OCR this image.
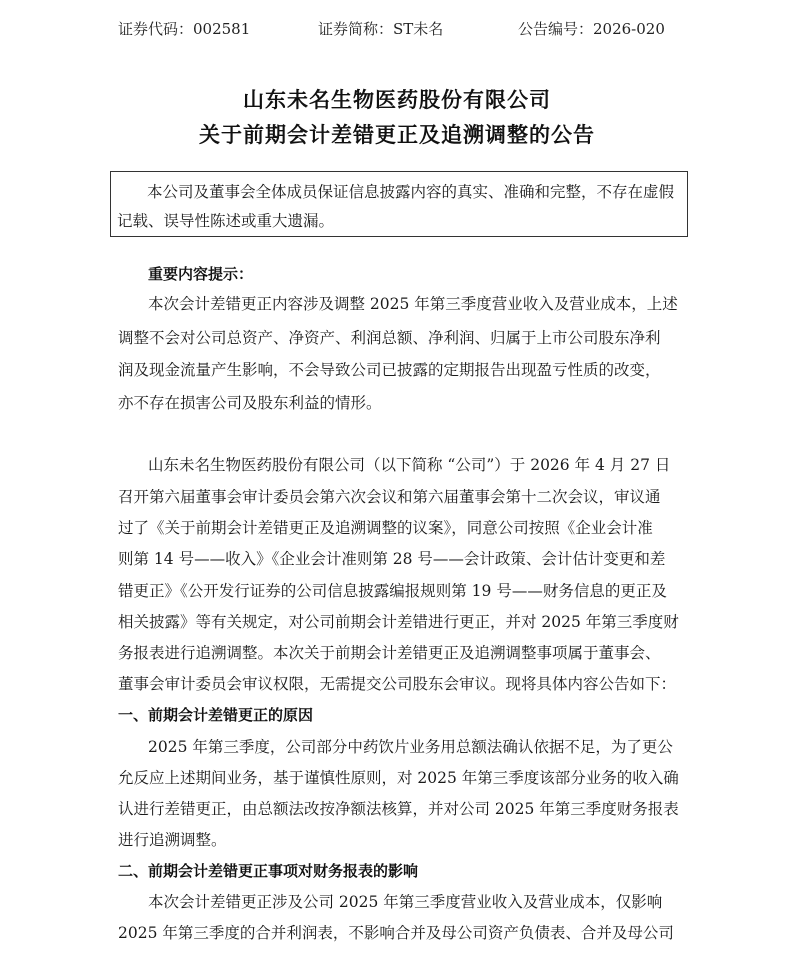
证券代码：002581	证券简称：ST未名	公告编号：2026-020
山东未名生物医药股份有限公司
关于前期会计差错更正及追溯调整的公告
本公司及董事会全体成员保证信息披露内容的真实、准确和完整，不存在虚假
记载、误导性陈述或重大遗漏。
重要内容提示：
本次会计差错更正内容涉及调整 2025 年第三季度营业收入及营业成本，上述
调整不会对公司总资产、净资产、利润总额、净利润、归属于上市公司股东净利
润及现金流量产生影响，不会导致公司已披露的定期报告出现盈亏性质的改变，
亦不存在损害公司及股东利益的情形。
山东未名生物医药股份有限公司（以下简称 “公司”）于 2026 年 4 月 27 日
召开第六届董事会审计委员会第六次会议和第六届董事会第十二次会议，审议通
过了《关于前期会计差错更正及追溯调整的议案》，同意公司按照《企业会计准
则第 14 号——收入》《企业会计准则第 28 号——会计政策、会计估计变更和差
错更正》《公开发行证券的公司信息披露编报规则第 19 号——财务信息的更正及
相关披露》等有关规定，对公司前期会计差错进行更正，并对 2025 年第三季度财
务报表进行追溯调整。本次关于前期会计差错更正及追溯调整事项属于董事会、
董事会审计委员会审议权限，无需提交公司股东会审议。现将具体内容公告如下：
一、前期会计差错更正的原因
2025 年第三季度，公司部分中药饮片业务用总额法确认依据不足，为了更公
允反应上述期间业务，基于谨慎性原则，对 2025 年第三季度该部分业务的收入确
认进行差错更正，由总额法改按净额法核算，并对公司 2025 年第三季度财务报表
进行追溯调整。
二、前期会计差错更正事项对财务报表的影响
本次会计差错更正涉及公司 2025 年第三季度营业收入及营业成本，仅影响
2025 年第三季度的合并利润表，不影响合并及母公司资产负债表、合并及母公司
